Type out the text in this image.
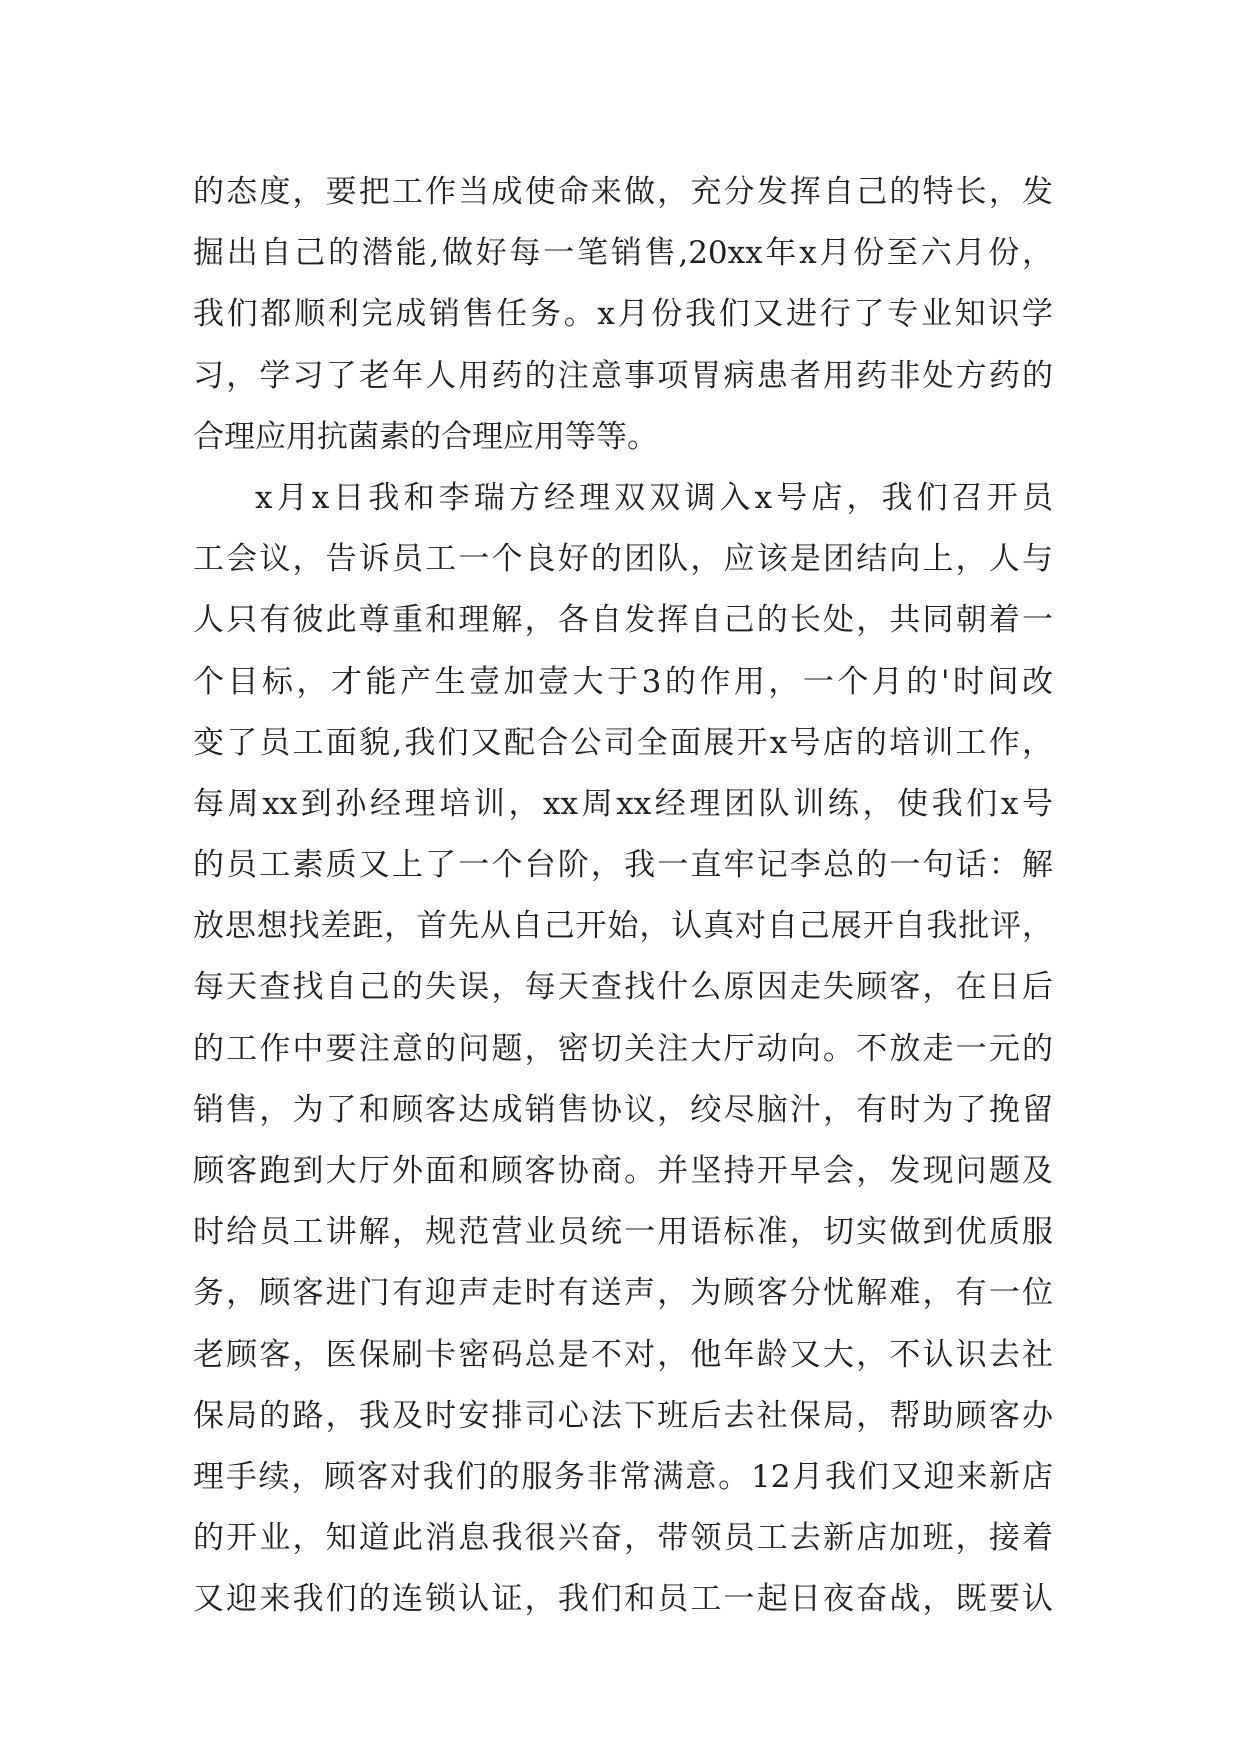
的态度，要把工作当成使命来做，充分发挥自己的特长，发
掘出自己的潜能,做好每一笔销售,20xx年x月份至六月份，
我们都顺利完成销售任务。x月份我们又进行了专业知识学
习，学习了老年人用药的注意事项胃病患者用药非处方药的
合理应用抗菌素的合理应用等等。
x月x日我和李瑞方经理双双调入x号店，我们召开员
工会议，告诉员工一个良好的团队，应该是团结向上，人与
人只有彼此尊重和理解，各自发挥自己的长处，共同朝着一
个目标，才能产生壹加壹大于3的作用，一个月的'时间改
变了员工面貌,我们又配合公司全面展开x号店的培训工作，
每周xx到孙经理培训，xx周xx经理团队训练，使我们x号
的员工素质又上了一个台阶，我一直牢记李总的一句话：解
放思想找差距，首先从自己开始，认真对自己展开自我批评，
每天查找自己的失误，每天查找什么原因走失顾客，在日后
的工作中要注意的问题，密切关注大厅动向。不放走一元的
销售，为了和顾客达成销售协议，绞尽脑汁，有时为了挽留
顾客跑到大厅外面和顾客协商。并坚持开早会，发现问题及
时给员工讲解，规范营业员统一用语标准，切实做到优质服
务，顾客进门有迎声走时有送声，为顾客分忧解难，有一位
老顾客，医保刷卡密码总是不对，他年龄又大，不认识去社
保局的路，我及时安排司心法下班后去社保局，帮助顾客办
理手续，顾客对我们的服务非常满意。12月我们又迎来新店
的开业，知道此消息我很兴奋，带领员工去新店加班，接着
又迎来我们的连锁认证，我们和员工一起日夜奋战，既要认
